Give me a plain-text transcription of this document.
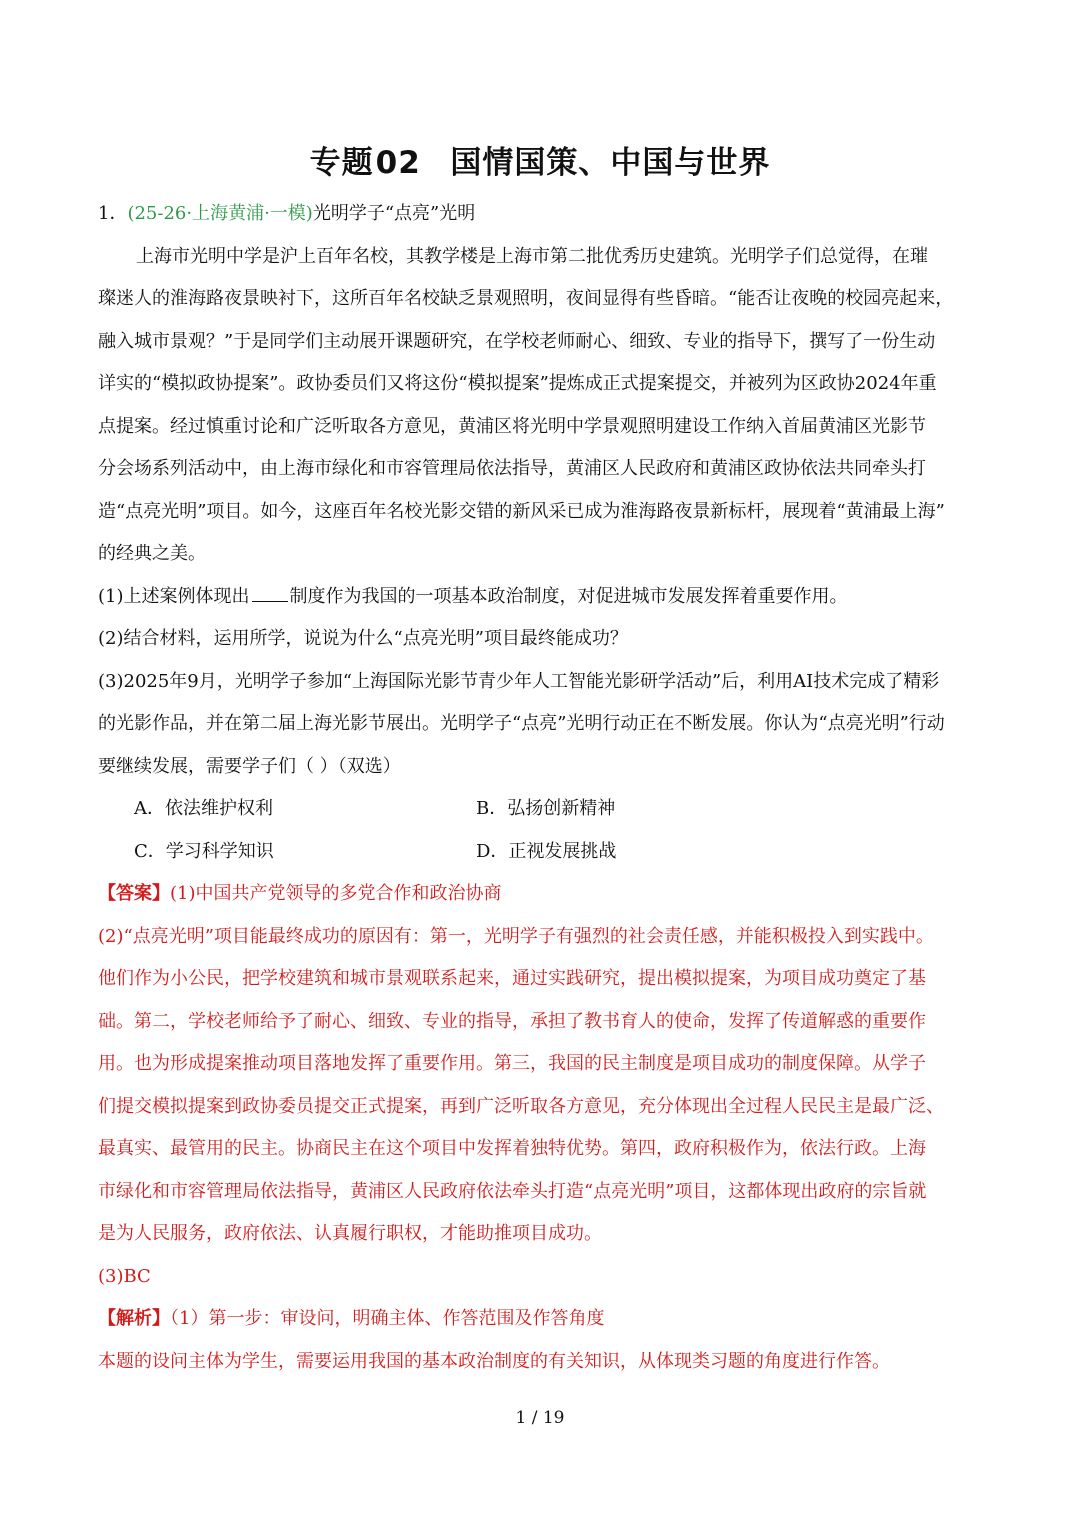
专题02 国情国策、中国与世界
1．(25-26·上海黄浦·一模)光明学子“点亮”光明
上海市光明中学是沪上百年名校，其教学楼是上海市第二批优秀历史建筑。光明学子们总觉得，在璀
璨迷人的淮海路夜景映衬下，这所百年名校缺乏景观照明，夜间显得有些昏暗。“能否让夜晚的校园亮起来，
融入城市景观？”于是同学们主动展开课题研究，在学校老师耐心、细致、专业的指导下，撰写了一份生动
详实的“模拟政协提案”。政协委员们又将这份“模拟提案”提炼成正式提案提交，并被列为区政协2024年重
点提案。经过慎重讨论和广泛听取各方意见，黄浦区将光明中学景观照明建设工作纳入首届黄浦区光影节
分会场系列活动中，由上海市绿化和市容管理局依法指导，黄浦区人民政府和黄浦区政协依法共同牵头打
造“点亮光明”项目。如今，这座百年名校光影交错的新风采已成为淮海路夜景新标杆，展现着“黄浦最上海”
的经典之美。
(1)上述案例体现出 制度作为我国的一项基本政治制度，对促进城市发展发挥着重要作用。
(2)结合材料，运用所学，说说为什么“点亮光明”项目最终能成功？
(3)2025年9月，光明学子参加“上海国际光影节青少年人工智能光影研学活动”后，利用AI技术完成了精彩
的光影作品，并在第二届上海光影节展出。光明学子“点亮”光明行动正在不断发展。你认为“点亮光明”行动
要继续发展，需要学子们（ ）（双选）
A．依法维护权利	B．弘扬创新精神
C．学习科学知识	D．正视发展挑战
【答案】(1)中国共产党领导的多党合作和政治协商
(2)“点亮光明”项目能最终成功的原因有：第一，光明学子有强烈的社会责任感，并能积极投入到实践中。
他们作为小公民，把学校建筑和城市景观联系起来，通过实践研究，提出模拟提案，为项目成功奠定了基
础。第二，学校老师给予了耐心、细致、专业的指导，承担了教书育人的使命，发挥了传道解惑的重要作
用。也为形成提案推动项目落地发挥了重要作用。第三，我国的民主制度是项目成功的制度保障。从学子
们提交模拟提案到政协委员提交正式提案，再到广泛听取各方意见，充分体现出全过程人民民主是最广泛、
最真实、最管用的民主。协商民主在这个项目中发挥着独特优势。第四，政府积极作为，依法行政。上海
市绿化和市容管理局依法指导，黄浦区人民政府依法牵头打造“点亮光明”项目，这都体现出政府的宗旨就
是为人民服务，政府依法、认真履行职权，才能助推项目成功。
(3)BC
【解析】（1）第一步：审设问，明确主体、作答范围及作答角度
本题的设问主体为学生，需要运用我国的基本政治制度的有关知识，从体现类习题的角度进行作答。
1 / 19
